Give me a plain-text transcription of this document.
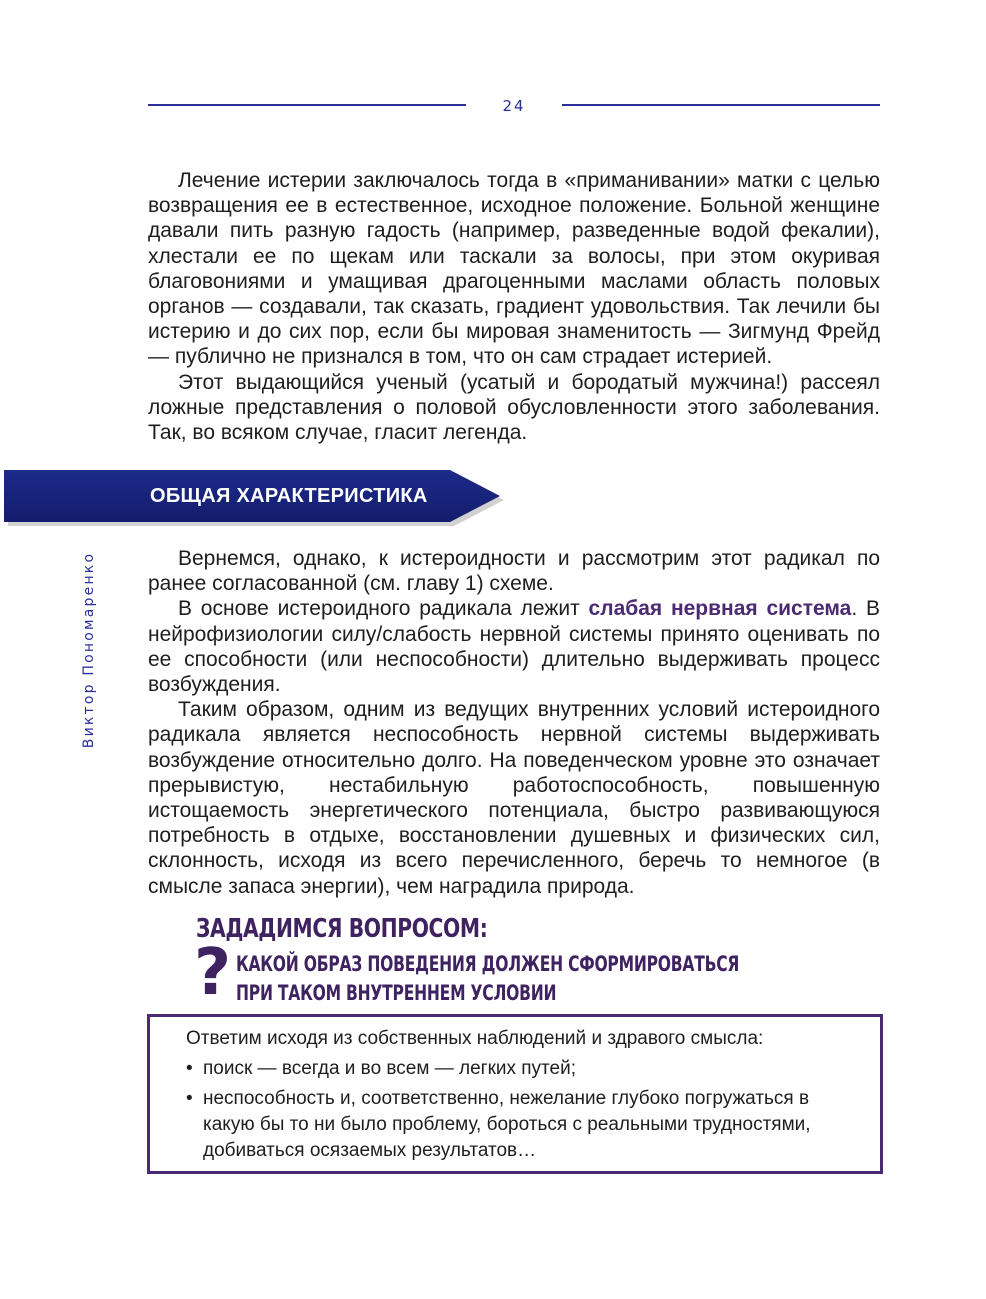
24
Виктор Пономаренко

Лечение истерии заключалось тогда в «приманивании» матки с целью возвращения ее в естественное, исходное положение. Больной женщине давали пить разную гадость (например, разведенные водой фекалии), хлестали ее по щекам или таскали за волосы, при этом окуривая благовониями и умащивая драгоценными маслами область половых органов — создавали, так сказать, градиент удовольствия. Так лечили бы истерию и до сих пор, если бы мировая знаменитость — Зигмунд Фрейд — публично не признался в том, что он сам страдает истерией.

Этот выдающийся ученый (усатый и бородатый мужчина!) рассеял ложные представления о половой обусловленности этого заболевания. Так, во всяком случае, гласит легенда.

ОБЩАЯ ХАРАКТЕРИСТИКА

Вернемся, однако, к истероидности и рассмотрим этот радикал по ранее согласованной (см. главу 1) схеме.

В основе истероидного радикала лежит слабая нервная система. В нейрофизиологии силу/слабость нервной системы принято оценивать по ее способности (или неспособности) длительно выдерживать процесс возбуждения.

Таким образом, одним из ведущих внутренних условий истероидного радикала является неспособность нервной системы выдерживать возбуждение относительно долго. На поведенческом уровне это означает прерывистую, нестабильную работоспособность, повышенную истощаемость энергетического потенциала, быстро развивающуюся потребность в отдыхе, восстановлении душевных и физических сил, склонность, исходя из всего перечисленного, беречь то немногое (в смысле запаса энергии), чем наградила природа.

ЗАДАДИМСЯ ВОПРОСОМ:
? КАКОЙ ОБРАЗ ПОВЕДЕНИЯ ДОЛЖЕН СФОРМИРОВАТЬСЯ
ПРИ ТАКОМ ВНУТРЕННЕМ УСЛОВИИ
Ответим исходя из собственных наблюдений и здравого смысла:
• поиск — всегда и во всем — легких путей;
• неспособность и, соответственно, нежелание глубоко погружаться в какую бы то ни было проблему, бороться с реальными трудностями, добиваться осязаемых результатов…
